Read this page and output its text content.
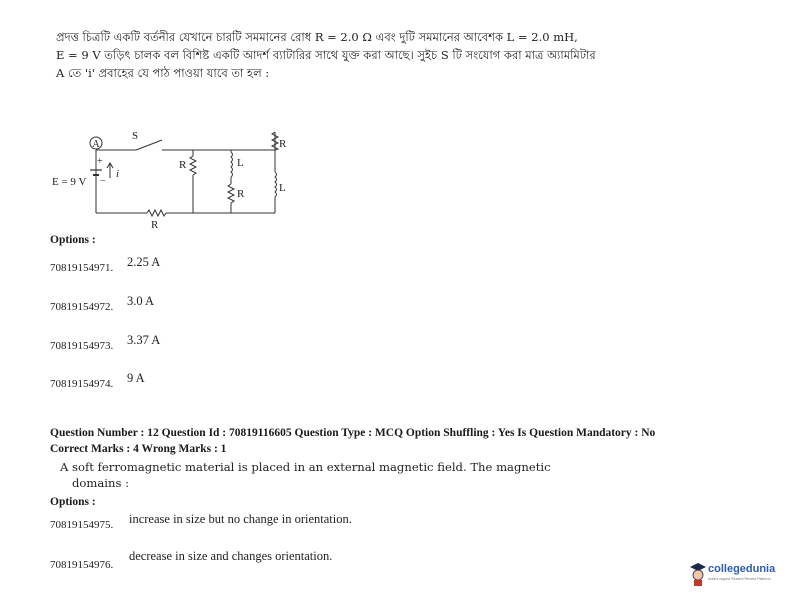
প্রদত্ত চিত্রটি একটি বর্তনীর যেখানে চারটি সমমানের রোধ R = 2.0 Ω এবং দুটি সমমানের আবেশক L = 2.0 mH,
E = 9 V তড়িৎ চালক বল বিশিষ্ট একটি আদর্শ ব্যাটারির সাথে যুক্ত করা আছে। সুইচ S টি সংযোগ করা মাত্র অ্যামমিটার
A তে 'i' প্রবাহের যে পাঠ পাওয়া যাবে তা হল :
A
S
+
−
E = 9 V
i
R	L
R
R
L
R
Options :
70819154971. 2.25 A
70819154972. 3.0 A
70819154973. 3.37 A
70819154974. 9 A
Question Number : 12 Question Id : 70819116605 Question Type : MCQ Option Shuffling : Yes Is Question Mandatory : No
Correct Marks : 4 Wrong Marks : 1
A soft ferromagnetic material is placed in an external magnetic field. The magnetic
domains :
Options :
70819154975. increase in size but no change in orientation.
70819154976.
decrease in size and changes orientation.
collegedunia
India's largest Student Review Platform
